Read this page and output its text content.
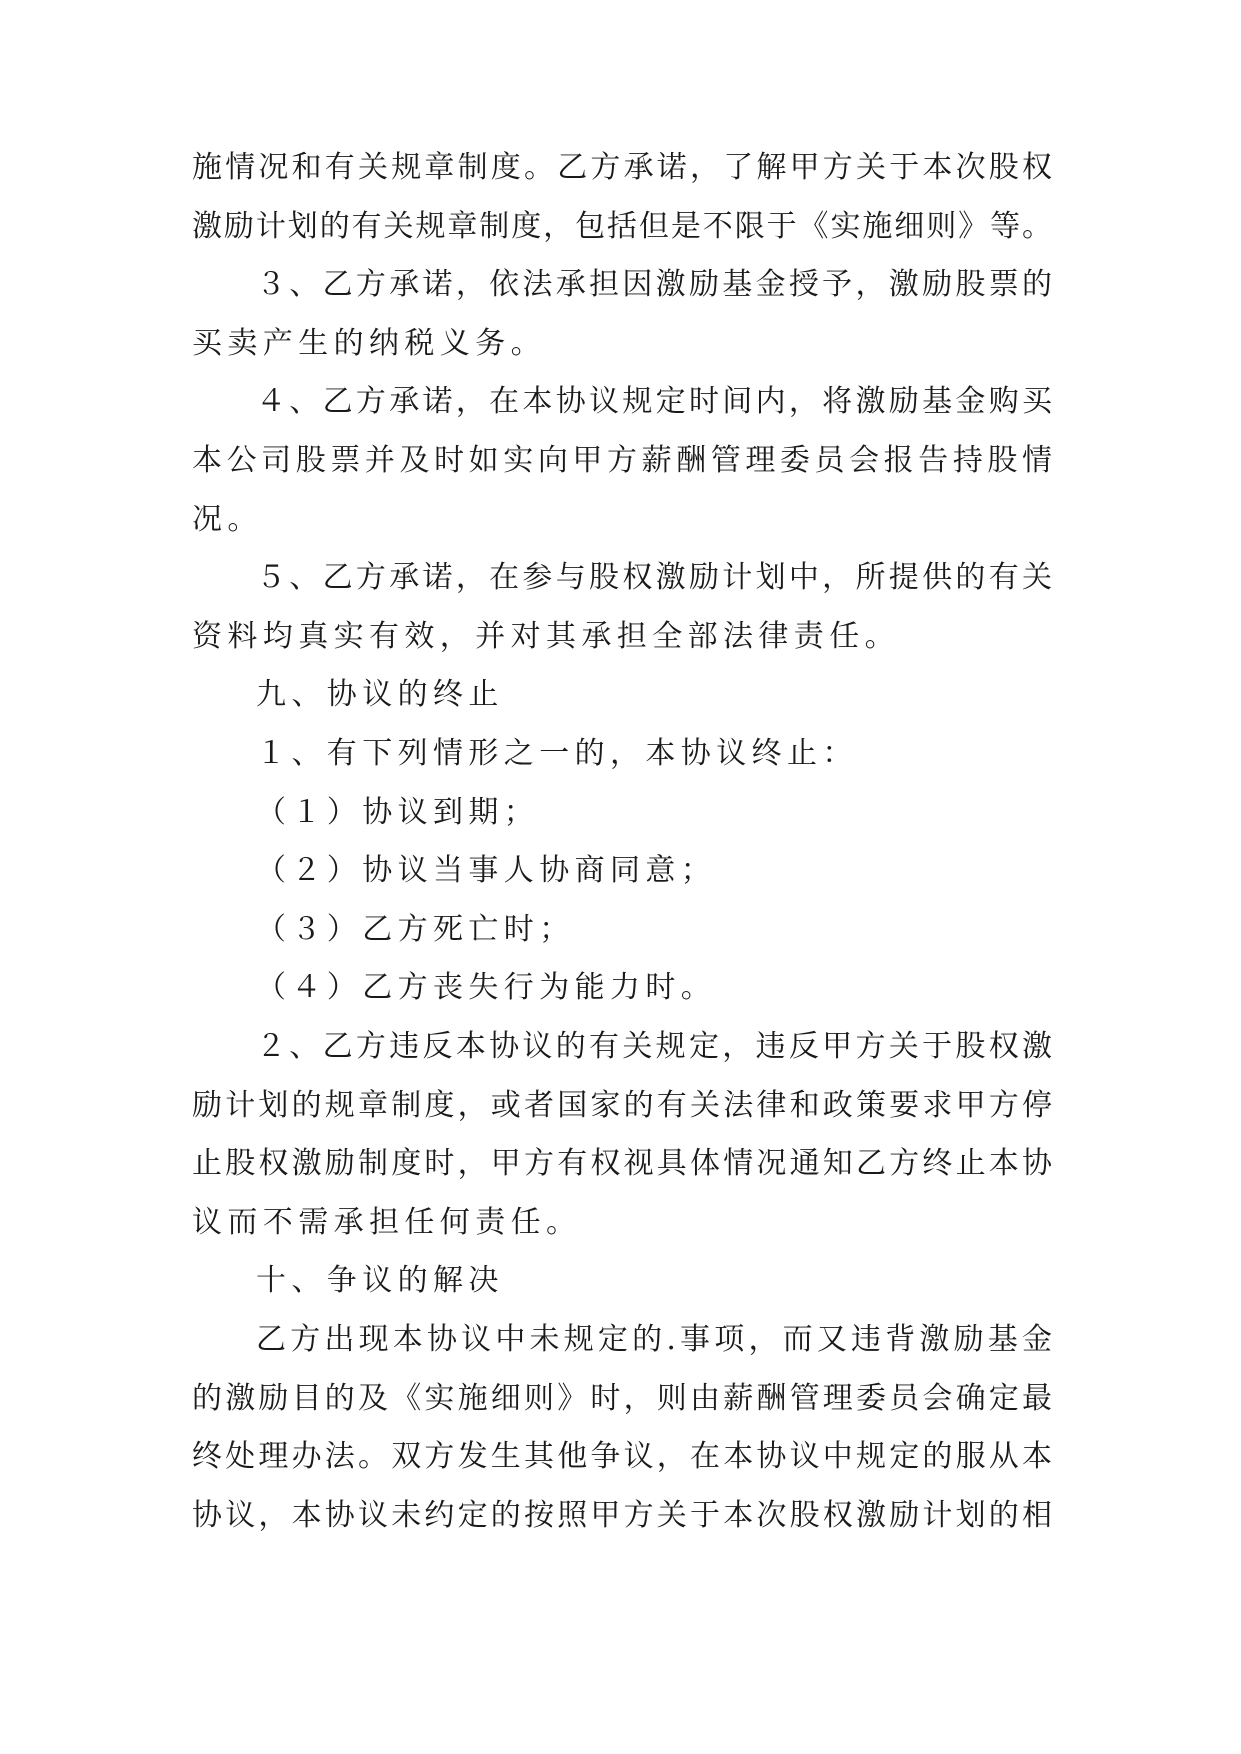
施情况和有关规章制度。乙方承诺，了解甲方关于本次股权
激励计划的有关规章制度，包括但是不限于《实施细则》等。
３、乙方承诺，依法承担因激励基金授予，激励股票的
买卖产生的纳税义务。
４、乙方承诺，在本协议规定时间内，将激励基金购买
本公司股票并及时如实向甲方薪酬管理委员会报告持股情
况。
５、乙方承诺，在参与股权激励计划中，所提供的有关
资料均真实有效，并对其承担全部法律责任。
九、协议的终止
１、有下列情形之一的，本协议终止：
（１）协议到期；
（２）协议当事人协商同意；
（３）乙方死亡时；
（４）乙方丧失行为能力时。
２、乙方违反本协议的有关规定，违反甲方关于股权激
励计划的规章制度，或者国家的有关法律和政策要求甲方停
止股权激励制度时，甲方有权视具体情况通知乙方终止本协
议而不需承担任何责任。
十、争议的解决
乙方出现本协议中未规定的.事项，而又违背激励基金
的激励目的及《实施细则》时，则由薪酬管理委员会确定最
终处理办法。双方发生其他争议，在本协议中规定的服从本
协议，本协议未约定的按照甲方关于本次股权激励计划的相
